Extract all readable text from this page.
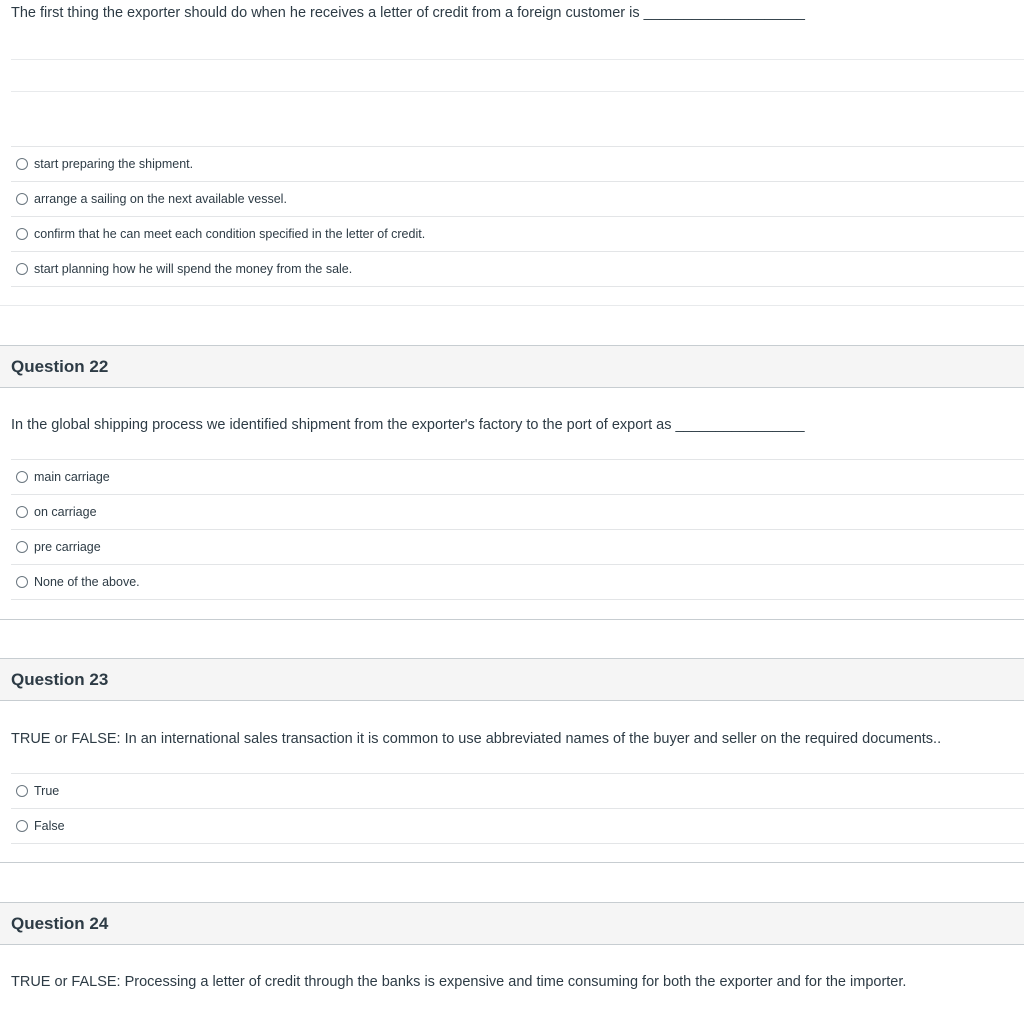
The first thing the exporter should do when he receives a letter of credit from a foreign customer is ____________________
start preparing the shipment.
arrange a sailing on the next available vessel.
confirm that he can meet each condition specified in the letter of credit.
start planning how he will spend the money from the sale.
Question 22
In the global shipping process we identified shipment from the exporter's factory to the port of export as ________________
main carriage
on carriage
pre carriage
None of the above.
Question 23
TRUE or FALSE: In an international sales transaction it is common to use abbreviated names of the buyer and seller on the required documents..
True
False
Question 24
TRUE or FALSE: Processing a letter of credit through the banks is expensive and time consuming for both the exporter and for the importer.
